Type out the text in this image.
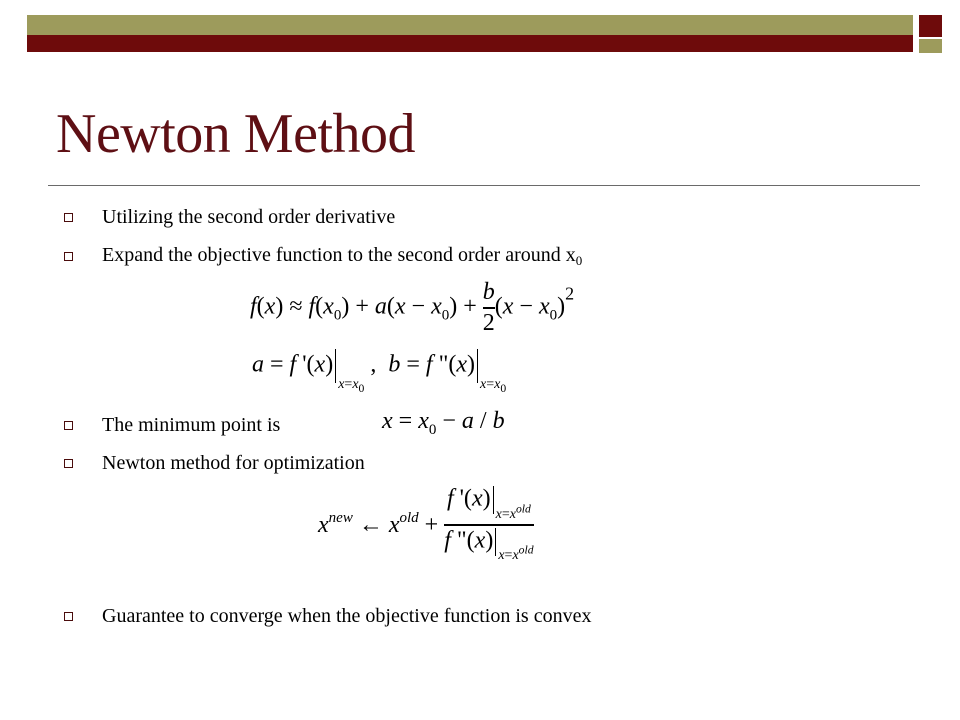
Newton Method
Utilizing the second order derivative
Expand the objective function to the second order around $x_0$
$f(x) \approx f(x_0) + a(x - x_0) + \frac{b}{2} (x - x_0)^2$
a = f '$(x)_{x=x_0}$ ,  b = f "$(x)_{x=x_0}$
The minimum point is	$x = x_0 - a / b$
Newton method for optimization
$x^{new}$ ← $x^{old} + \frac{f '(x)_{x=x^{old}}}{f "(x)_{x=x^{old}}}$
Guarantee to converge when the objective function is convex
